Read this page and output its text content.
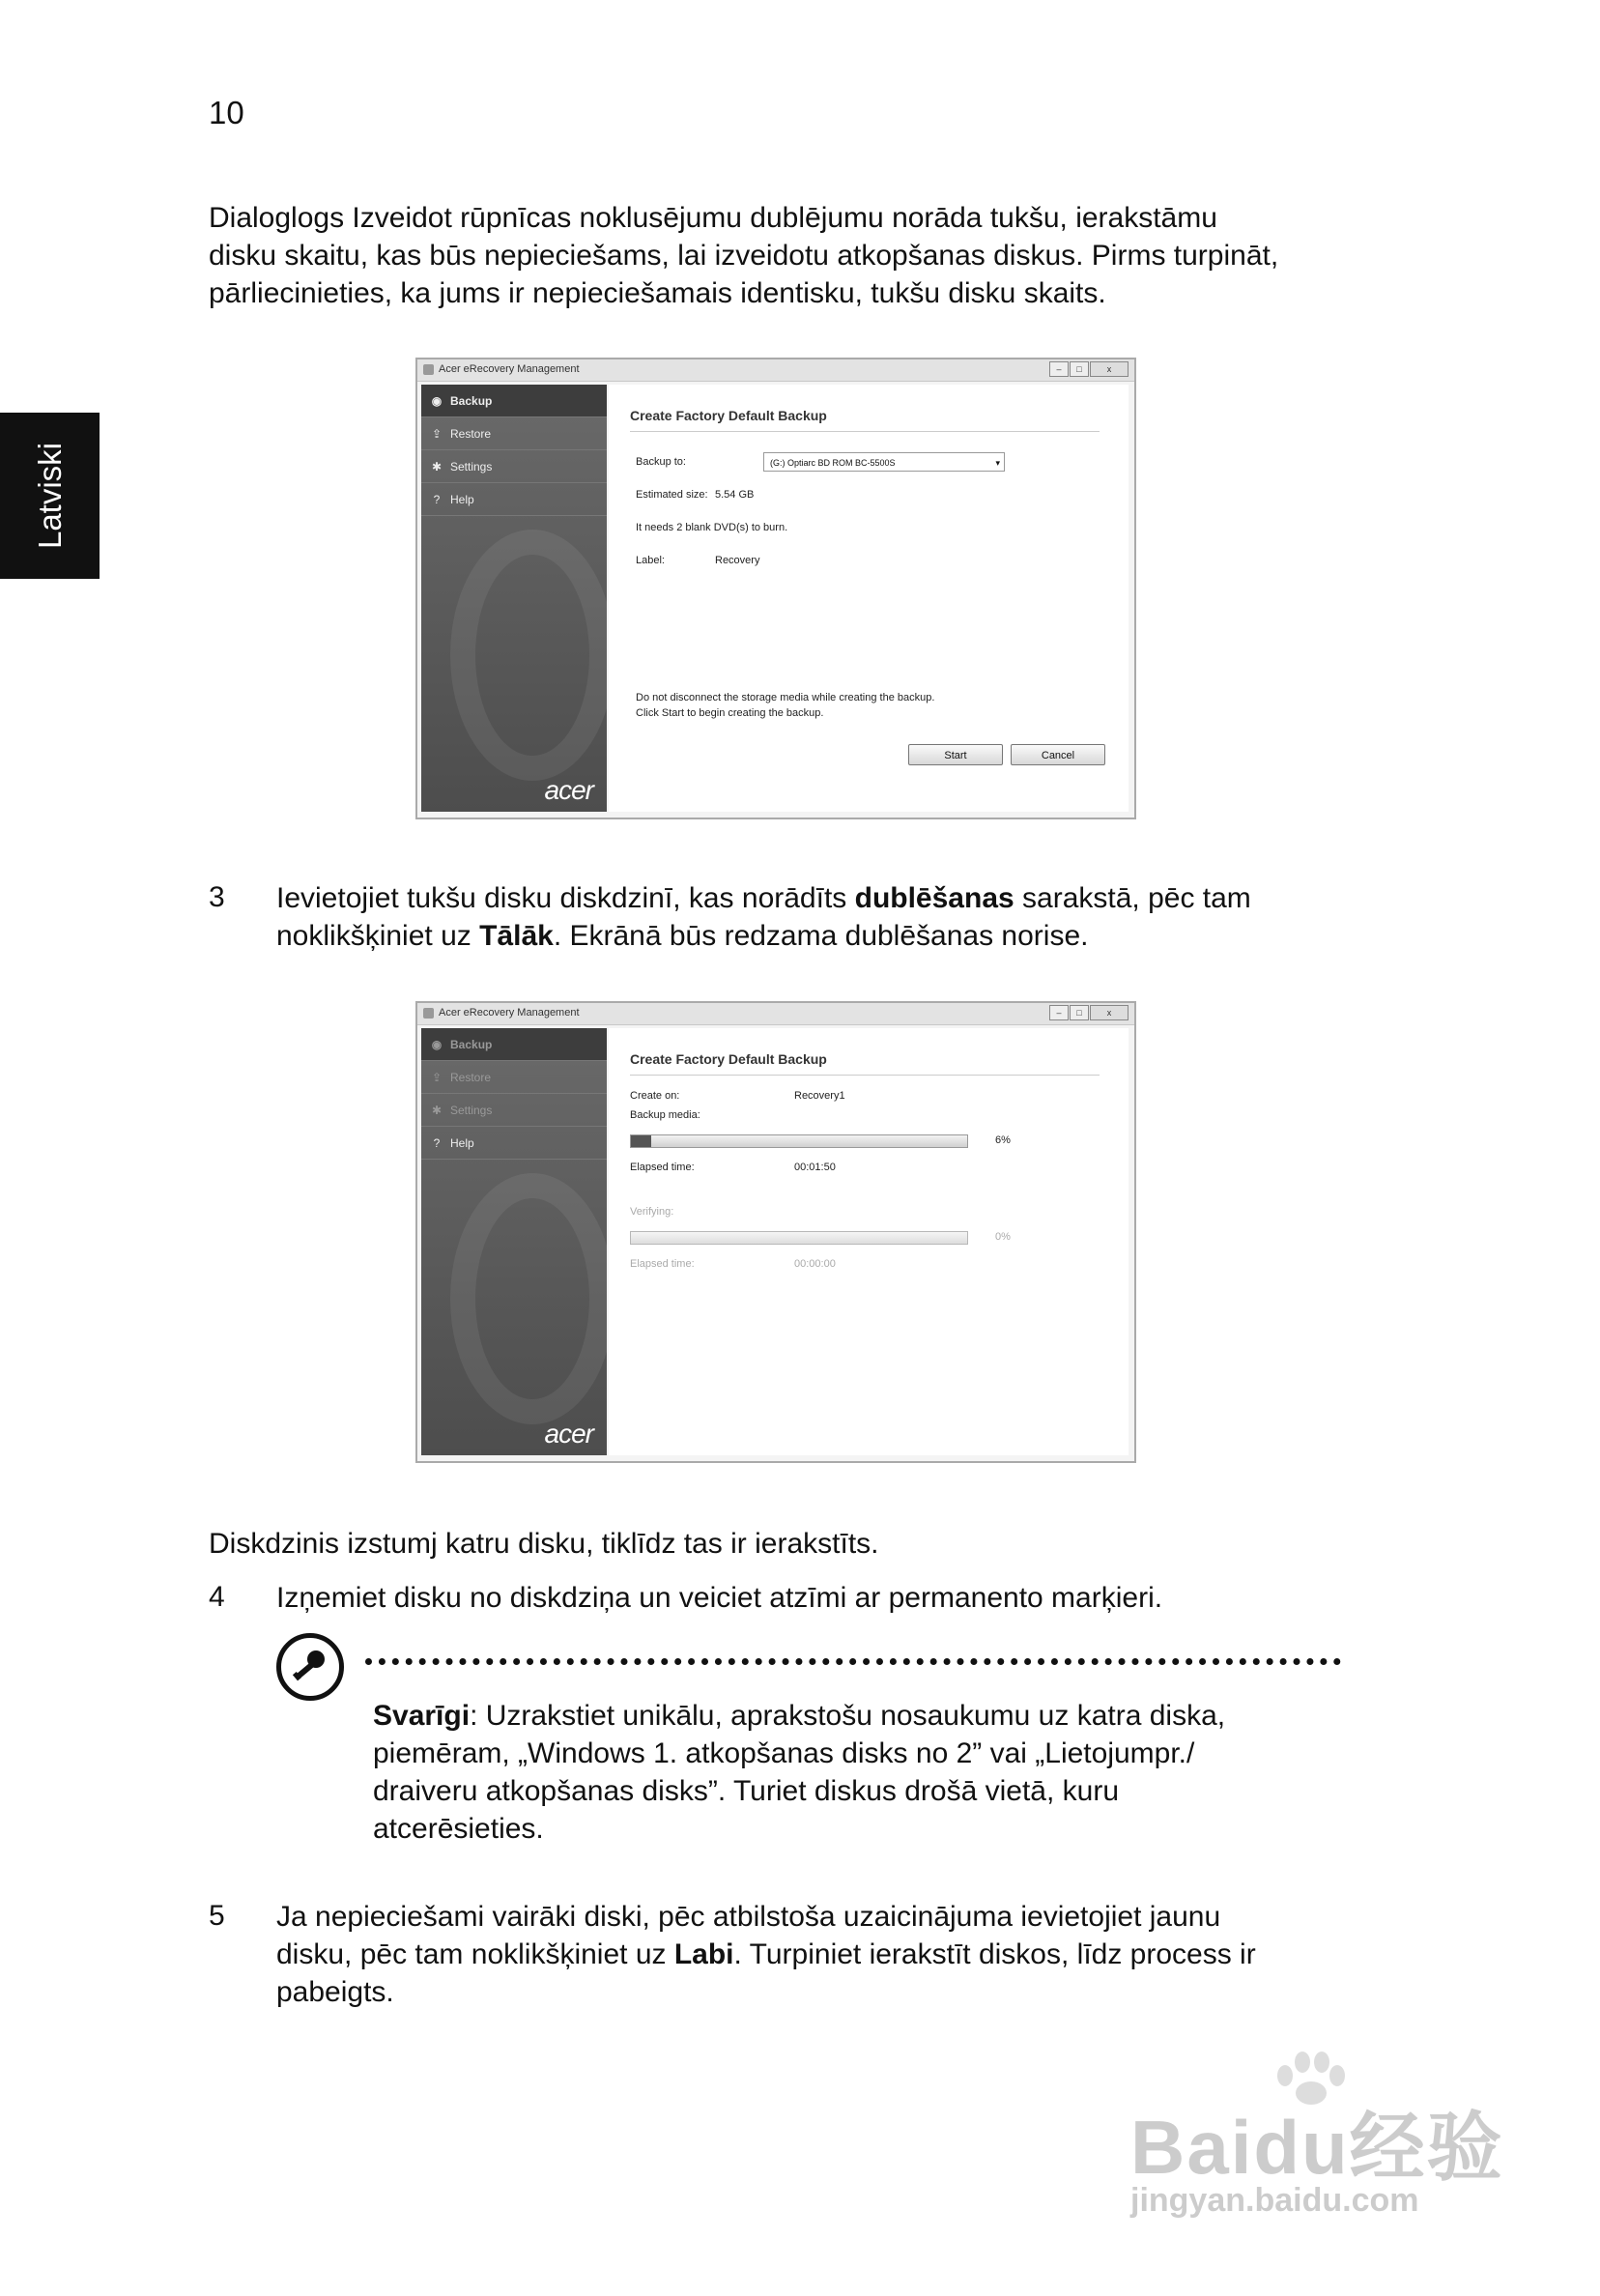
10
Latviski
Dialoglogs Izveidot rūpnīcas noklusējumu dublējumu norāda tukšu, ierakstāmu
disku skaitu, kas būs nepieciešams, lai izveidotu atkopšanas diskus. Pirms turpināt,
pārliecinieties, ka jums ir nepieciešamais identisku, tukšu disku skaits.
Acer eRecovery Management	–	□	x
◉ Backup
⇪ Restore
✱ Settings
? Help
acer
Create Factory Default Backup
Backup to:	(G:) Optiarc BD ROM BC-5500S	▾
Estimated size: 5.54 GB
It needs 2 blank DVD(s) to burn.
Label:	Recovery
Do not disconnect the storage media while creating the backup.
Click Start to begin creating the backup.
Start	Cancel
3 Ievietojiet tukšu disku diskdzinī, kas norādīts dublēšanas sarakstā, pēc tam
noklikšķiniet uz Tālāk. Ekrānā būs redzama dublēšanas norise.
Acer eRecovery Management	–	□	x
◉ Backup
⇪ Restore
✱ Settings
? Help
acer
Create Factory Default Backup
Create on:	Recovery1
Backup media:
6%
Elapsed time:	00:01:50
Verifying:
0%
Elapsed time:	00:00:00
Diskdzinis izstumj katru disku, tiklīdz tas ir ierakstīts.
4 Izņemiet disku no diskdziņa un veiciet atzīmi ar permanento marķieri.
Svarīgi: Uzrakstiet unikālu, aprakstošu nosaukumu uz katra diska,
piemēram, „Windows 1. atkopšanas disks no 2” vai „Lietojumpr./
draiveru atkopšanas disks”. Turiet diskus drošā vietā, kuru
atcerēsieties.
5 Ja nepieciešami vairāki diski, pēc atbilstoša uzaicinājuma ievietojiet jaunu
disku, pēc tam noklikšķiniet uz Labi. Turpiniet ierakstīt diskos, līdz process ir
pabeigts.
Baidu经验
jingyan.baidu.com
